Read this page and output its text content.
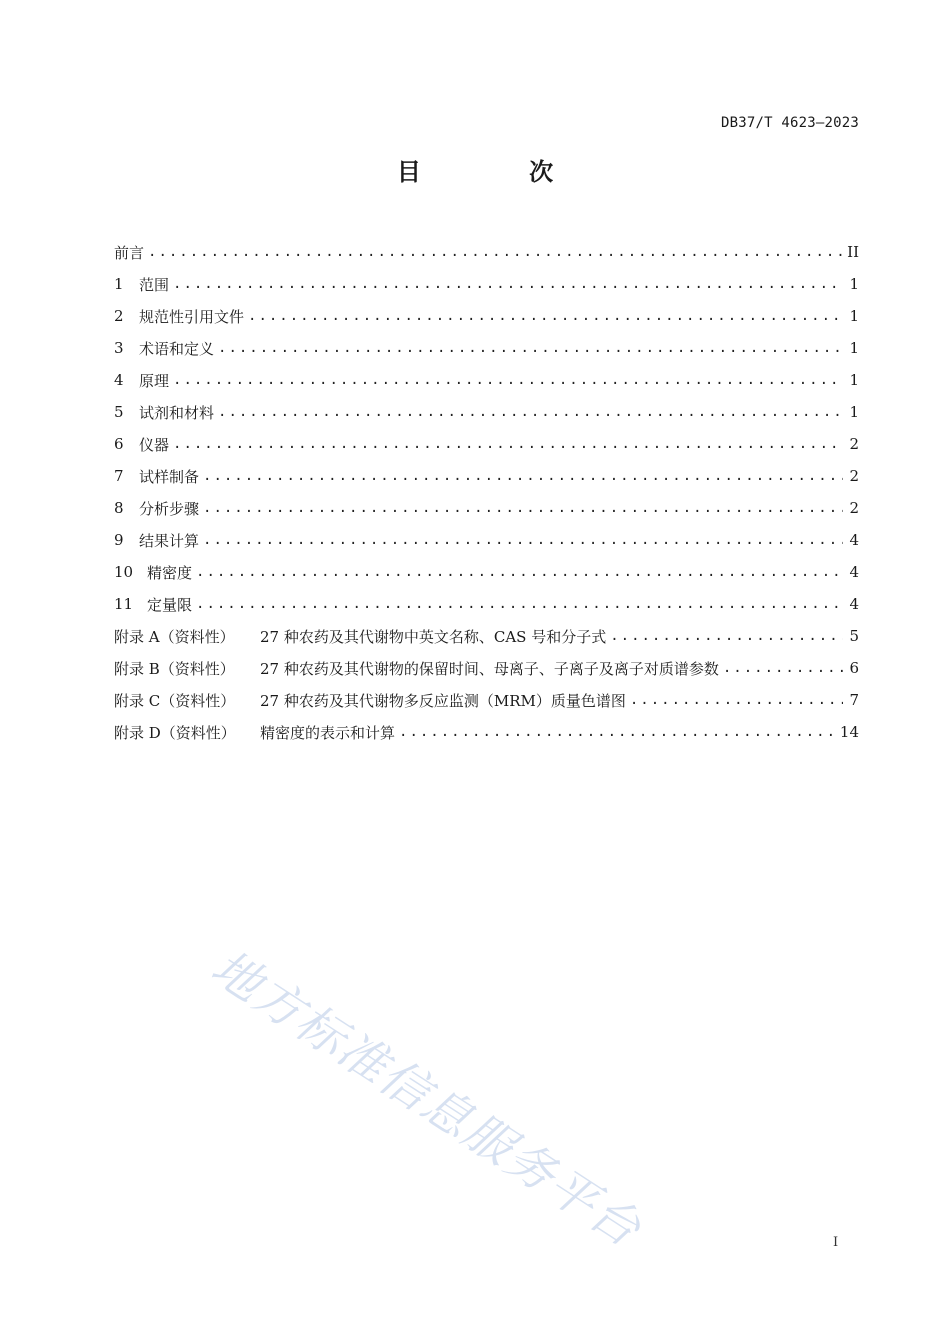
DB37/T 4623—2023
目 次
前言 .....	II
1	范围 .....	1
2	规范性引用文件 .....	1
3	术语和定义 .....	1
4	原理 .....	1
5	试剂和材料 .....	1
6	仪器 .....	2
7	试样制备 .....	2
8	分析步骤 .....	2
9	结果计算 .....	4
10 精密度 .....	4
11 定量限 .....	4
附录 A（资料性）	27 种农药及其代谢物中英文名称、CAS 号和分子式 .....	5
附录 B（资料性）	27 种农药及其代谢物的保留时间、母离子、子离子及离子对质谱参数 .....	6
附录 C（资料性）	27 种农药及其代谢物多反应监测（MRM）质量色谱图 .....	7
附录 D（资料性）	精密度的表示和计算 .....	14
地方标准信息服务平台	I
